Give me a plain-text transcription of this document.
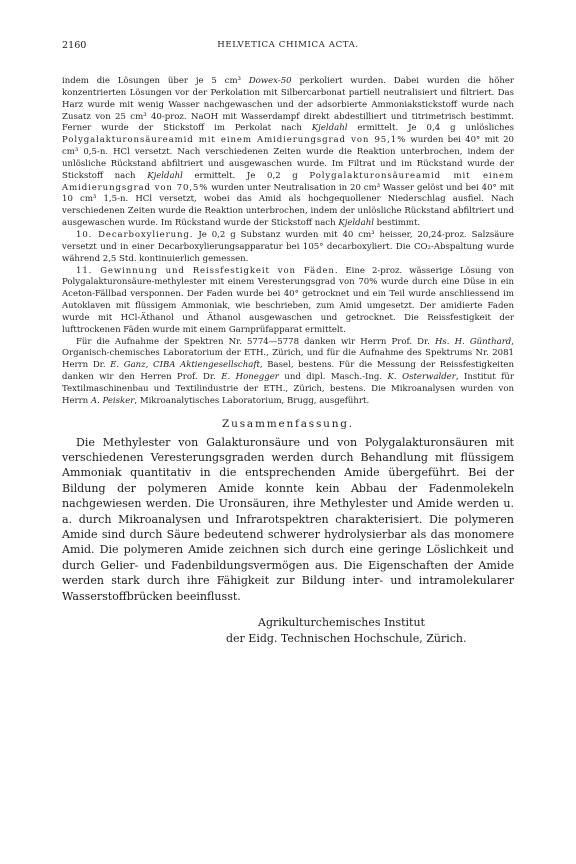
2160	HELVETICA CHIMICA ACTA.

indem die Lösungen über je 5 cm³ Dowex-50 perkoliert wurden. Dabei wurden die höher konzentrierten Lösungen vor der Perkolation mit Silbercarbonat partiell neutralisiert und filtriert. Das Harz wurde mit wenig Wasser nachgewaschen und der adsorbierte Ammoniakstickstoff wurde nach Zusatz von 25 cm³ 40-proz. NaOH mit Wasserdampf direkt abdestilliert und titrimetrisch bestimmt. Ferner wurde der Stickstoff im Perkolat nach Kjeldahl ermittelt. Je 0,4 g unlösliches Polygalakturonsäureamid mit einem Amidierungsgrad von 95,1% wurden bei 40° mit 20 cm³ 0,5-n. HCl versetzt. Nach verschiedenen Zeiten wurde die Reaktion unterbrochen, indem der unlösliche Rückstand abfiltriert und ausgewaschen wurde. Im Filtrat und im Rückstand wurde der Stickstoff nach Kjeldahl ermittelt. Je 0,2 g Polygalakturonsäureamid mit einem Amidierungsgrad von 70,5% wurden unter Neutralisation in 20 cm³ Wasser gelöst und bei 40° mit 10 cm³ 1,5-n. HCl versetzt, wobei das Amid als hochgequollener Niederschlag ausfiel. Nach verschiedenen Zeiten wurde die Reaktion unterbrochen, indem der unlösliche Rückstand abfiltriert und ausgewaschen wurde. Im Rückstand wurde der Stickstoff nach Kjeldahl bestimmt.

10. Decarboxylierung. Je 0,2 g Substanz wurden mit 40 cm³ heisser, 20,24-proz. Salzsäure versetzt und in einer Decarboxylierungsapparatur bei 105° decarboxyliert. Die CO₂-Abspaltung wurde während 2,5 Std. kontinuierlich gemessen.

11. Gewinnung und Reissfestigkeit von Fäden. Eine 2-proz. wässerige Lösung von Polygalakturonsäure-methylester mit einem Veresterungsgrad von 70% wurde durch eine Düse in ein Aceton-Fällbad versponnen. Der Faden wurde bei 40° getrocknet und ein Teil wurde anschliessend im Autoklaven mit flüssigem Ammoniak, wie beschrieben, zum Amid umgesetzt. Der amidierte Faden wurde mit HCl-Äthanol und Äthanol ausgewaschen und getrocknet. Die Reissfestigkeit der lufttrockenen Fäden wurde mit einem Garnprüfapparat ermittelt.

Für die Aufnahme der Spektren Nr. 5774—5778 danken wir Herrn Prof. Dr. Hs. H. Günthard, Organisch-chemisches Laboratorium der ETH., Zürich, und für die Aufnahme des Spektrums Nr. 2081 Herrn Dr. E. Ganz, CIBA Aktiengesellschaft, Basel, bestens. Für die Messung der Reissfestigkeiten danken wir den Herren Prof. Dr. E. Honegger und dipl. Masch.-Ing. K. Osterwalder, Institut für Textilmaschinenbau und Textilindustrie der ETH., Zürich, bestens. Die Mikroanalysen wurden von Herrn A. Peisker, Mikroanalytisches Laboratorium, Brugg, ausgeführt.

Zusammenfassung.

Die Methylester von Galakturonsäure und von Polygalakturonsäuren mit verschiedenen Veresterungsgraden werden durch Behandlung mit flüssigem Ammoniak quantitativ in die entsprechenden Amide übergeführt. Bei der Bildung der polymeren Amide konnte kein Abbau der Fadenmolekeln nachgewiesen werden. Die Uronsäuren, ihre Methylester und Amide werden u. a. durch Mikroanalysen und Infrarotspektren charakterisiert. Die polymeren Amide sind durch Säure bedeutend schwerer hydrolysierbar als das monomere Amid. Die polymeren Amide zeichnen sich durch eine geringe Löslichkeit und durch Gelier- und Fadenbildungsvermögen aus. Die Eigenschaften der Amide werden stark durch ihre Fähigkeit zur Bildung inter- und intramolekularer Wasserstoffbrücken beeinflusst.

Agrikulturchemisches Institut
der Eidg. Technischen Hochschule, Zürich.
